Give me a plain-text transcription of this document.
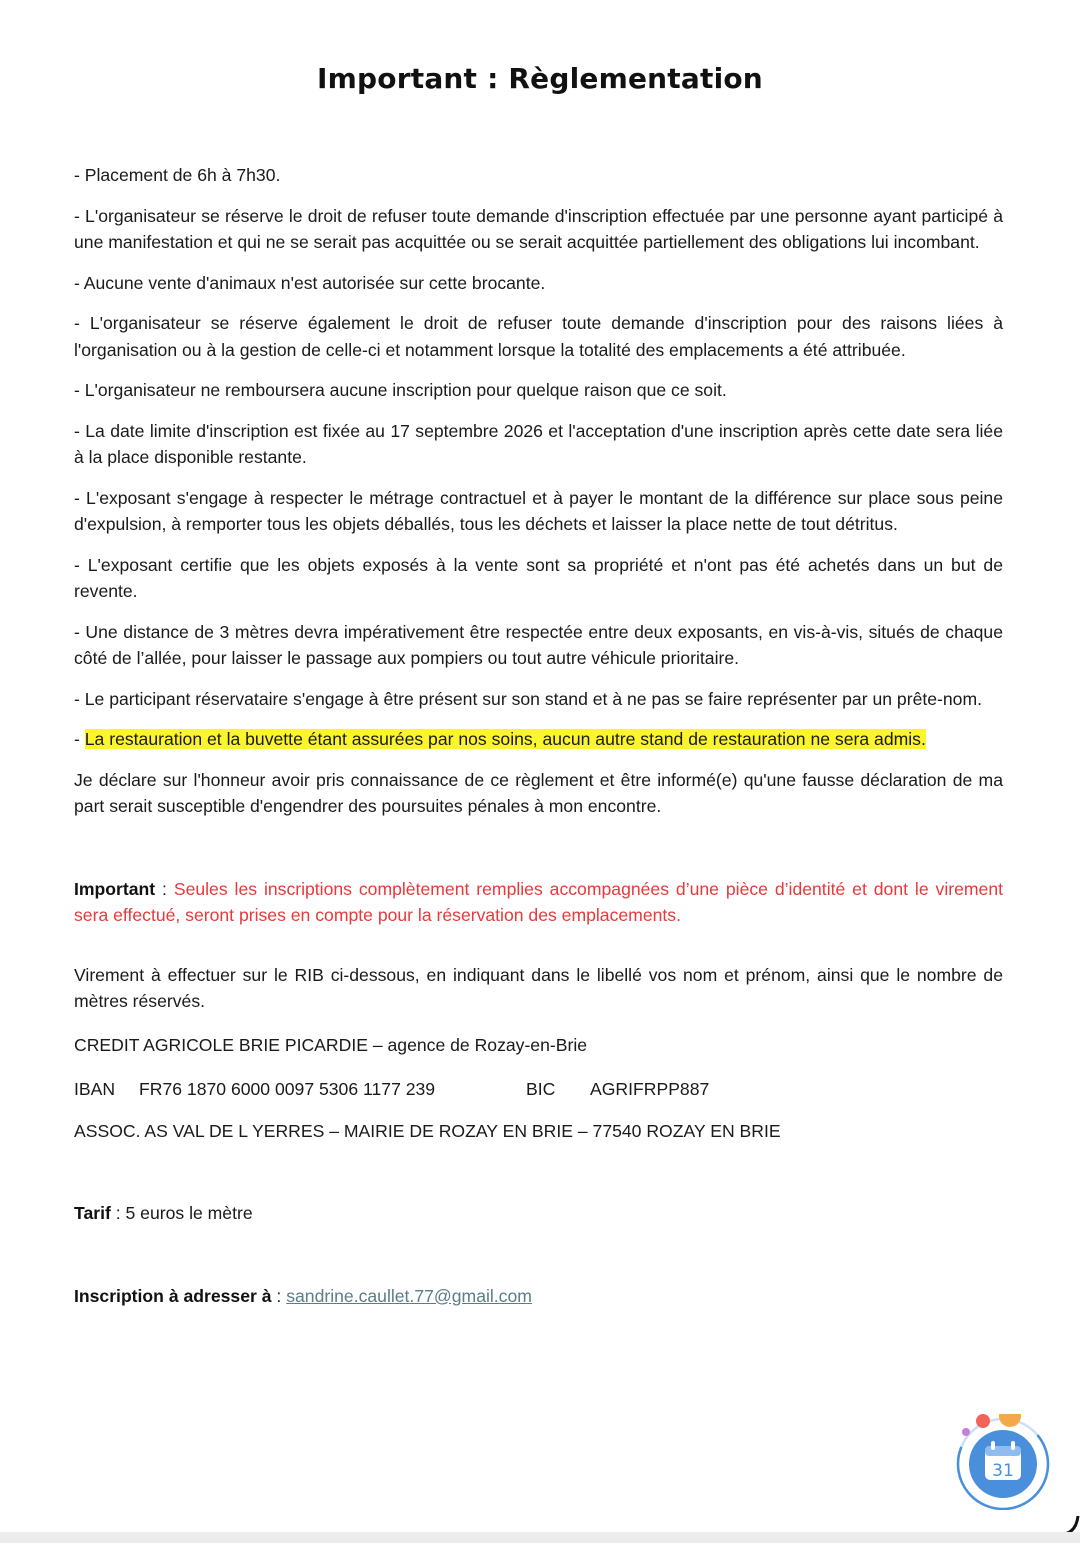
Important : Règlementation

- Placement de 6h à 7h30.

- L'organisateur se réserve le droit de refuser toute demande d'inscription effectuée par une personne ayant participé à une manifestation et qui ne se serait pas acquittée ou se serait acquittée partiellement des obligations lui incombant.

- Aucune vente d'animaux n'est autorisée sur cette brocante.

- L'organisateur se réserve également le droit de refuser toute demande d'inscription pour des raisons liées à l'organisation ou à la gestion de celle-ci et notamment lorsque la totalité des emplacements a été attribuée.

- L'organisateur ne remboursera aucune inscription pour quelque raison que ce soit.

- La date limite d'inscription est fixée au 17 septembre 2026 et l'acceptation d'une inscription après cette date sera liée à la place disponible restante.

- L'exposant s'engage à respecter le métrage contractuel et à payer le montant de la différence sur place sous peine d'expulsion, à remporter tous les objets déballés, tous les déchets et laisser la place nette de tout détritus.

- L'exposant certifie que les objets exposés à la vente sont sa propriété et n'ont pas été achetés dans un but de revente.

- Une distance de 3 mètres devra impérativement être respectée entre deux exposants, en vis-à-vis, situés de chaque côté de l’allée, pour laisser le passage aux pompiers ou tout autre véhicule prioritaire.

- Le participant réservataire s'engage à être présent sur son stand et à ne pas se faire représenter par un prête-nom.

- La restauration et la buvette étant assurées par nos soins, aucun autre stand de restauration ne sera admis.

Je déclare sur l'honneur avoir pris connaissance de ce règlement et être informé(e) qu'une fausse déclaration de ma part serait susceptible d'engendrer des poursuites pénales à mon encontre.

Important : Seules les inscriptions complètement remplies accompagnées d’une pièce d’identité et dont le virement sera effectué, seront prises en compte pour la réservation des emplacements.

Virement à effectuer sur le RIB ci-dessous, en indiquant dans le libellé vos nom et prénom, ainsi que le nombre de mètres réservés.

CREDIT AGRICOLE BRIE PICARDIE – agence de Rozay-en-Brie

IBAN FR76 1870 6000 0097 5306 1177 239	BIC AGRIFRPP887

ASSOC. AS VAL DE L YERRES – MAIRIE DE ROZAY EN BRIE – 77540 ROZAY EN BRIE

Tarif : 5 euros le mètre

Inscription à adresser à : sandrine.caullet.77@gmail.com

31
